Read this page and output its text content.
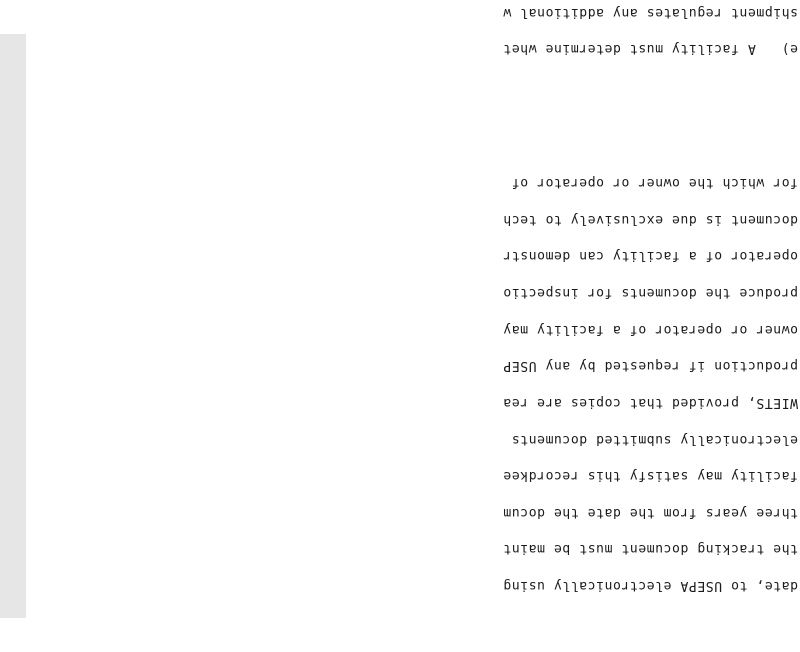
date, to USEPA electronically using

the tracking document must be maint

three years from the date the docum

facility may satisfy this recordkee

electronically submitted documents

WIETS, provided that copies are rea

production if requested by any USEP

owner or operator of a facility may

produce the documents for inspectio

operator of a facility can demonstr

document is due exclusively to tech

for which the owner or operator of

e)   A facility must determine whet

shipment regulates any additional w
